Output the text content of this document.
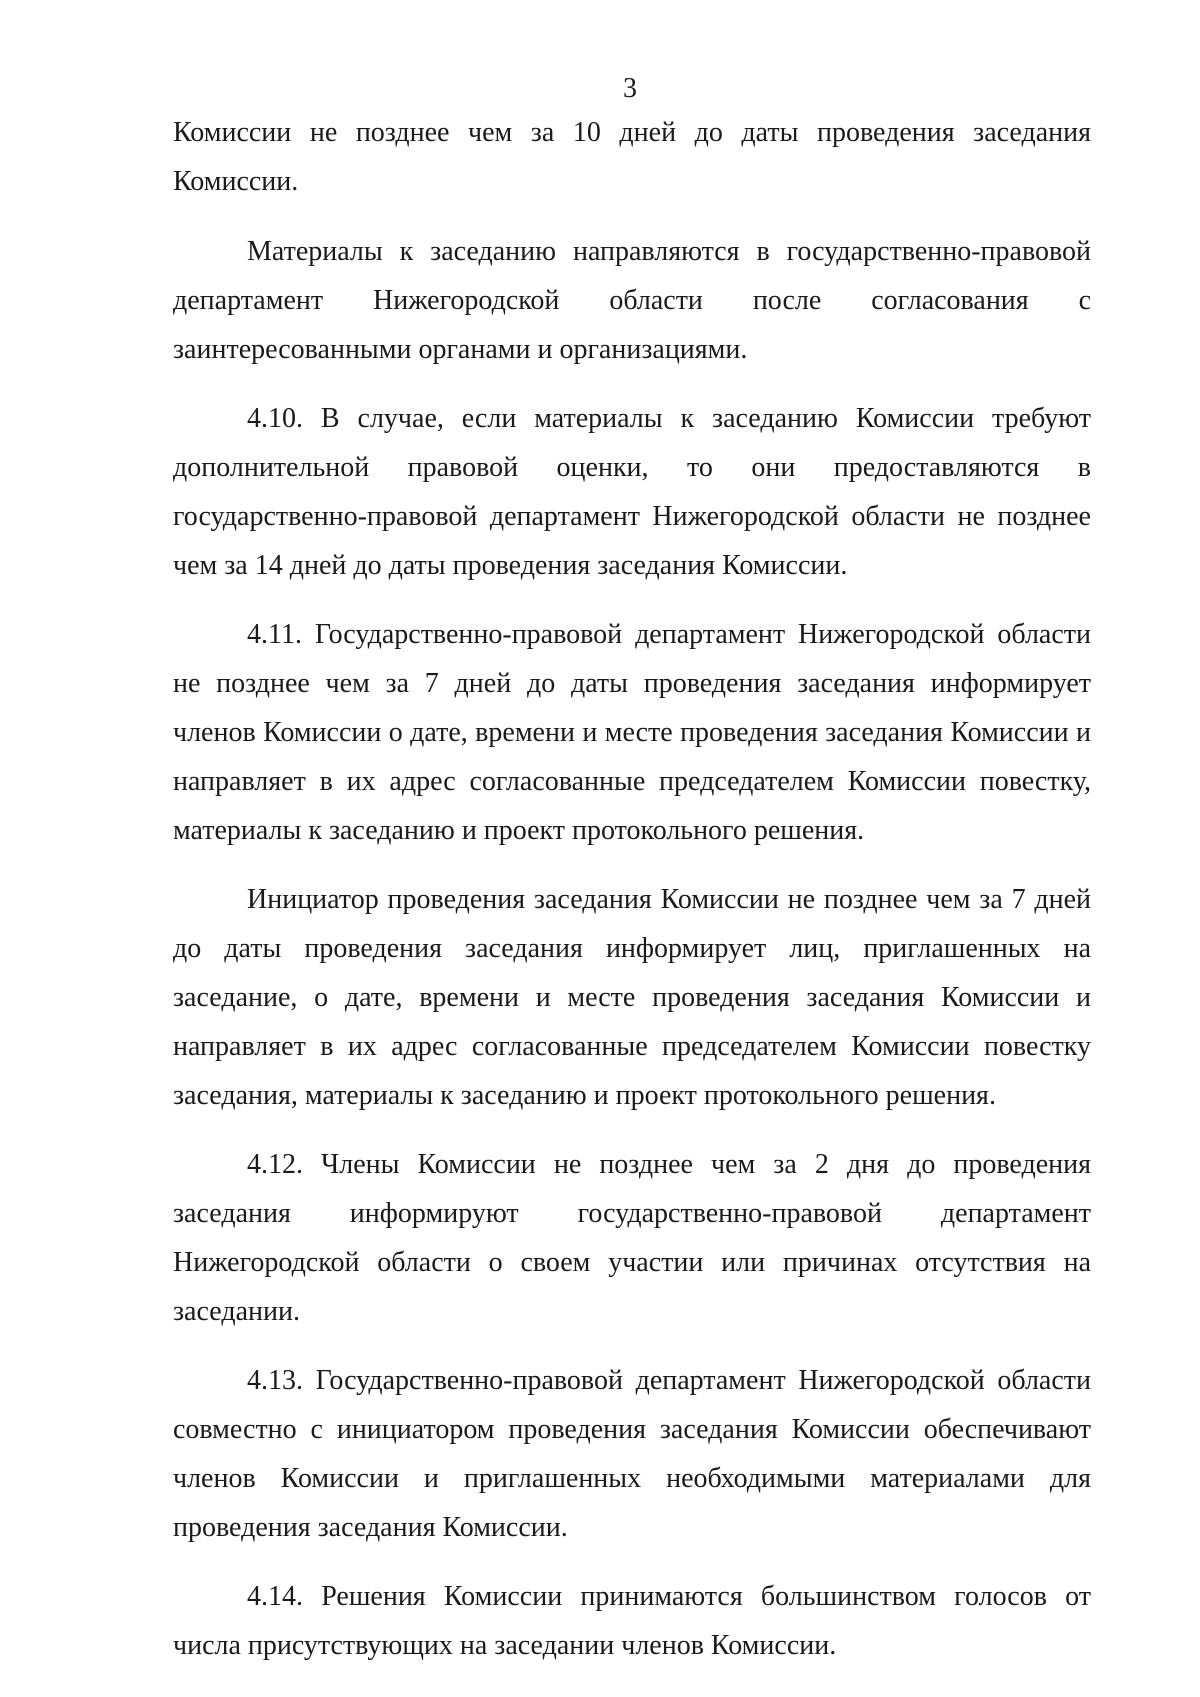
3

Комиссии не позднее чем за 10 дней до даты проведения заседания Комиссии.

Материалы к заседанию направляются в государственно-правовой департамент Нижегородской области после согласования с заинтересованными органами и организациями.

4.10. В случае, если материалы к заседанию Комиссии требуют дополнительной правовой оценки, то они предоставляются в государственно-правовой департамент Нижегородской области не позднее чем за 14 дней до даты проведения заседания Комиссии.

4.11. Государственно-правовой департамент Нижегородской области не позднее чем за 7 дней до даты проведения заседания информирует членов Комиссии о дате, времени и месте проведения заседания Комиссии и направляет в их адрес согласованные председателем Комиссии повестку, материалы к заседанию и проект протокольного решения.

Инициатор проведения заседания Комиссии не позднее чем за 7 дней до даты проведения заседания информирует лиц, приглашенных на заседание, о дате, времени и месте проведения заседания Комиссии и направляет в их адрес согласованные председателем Комиссии повестку заседания, материалы к заседанию и проект протокольного решения.

4.12. Члены Комиссии не позднее чем за 2 дня до проведения заседания информируют государственно-правовой департамент Нижегородской области о своем участии или причинах отсутствия на заседании.

4.13. Государственно-правовой департамент Нижегородской области совместно с инициатором проведения заседания Комиссии обеспечивают членов Комиссии и приглашенных необходимыми материалами для проведения заседания Комиссии.

4.14. Решения Комиссии принимаются большинством голосов от числа присутствующих на заседании членов Комиссии.
